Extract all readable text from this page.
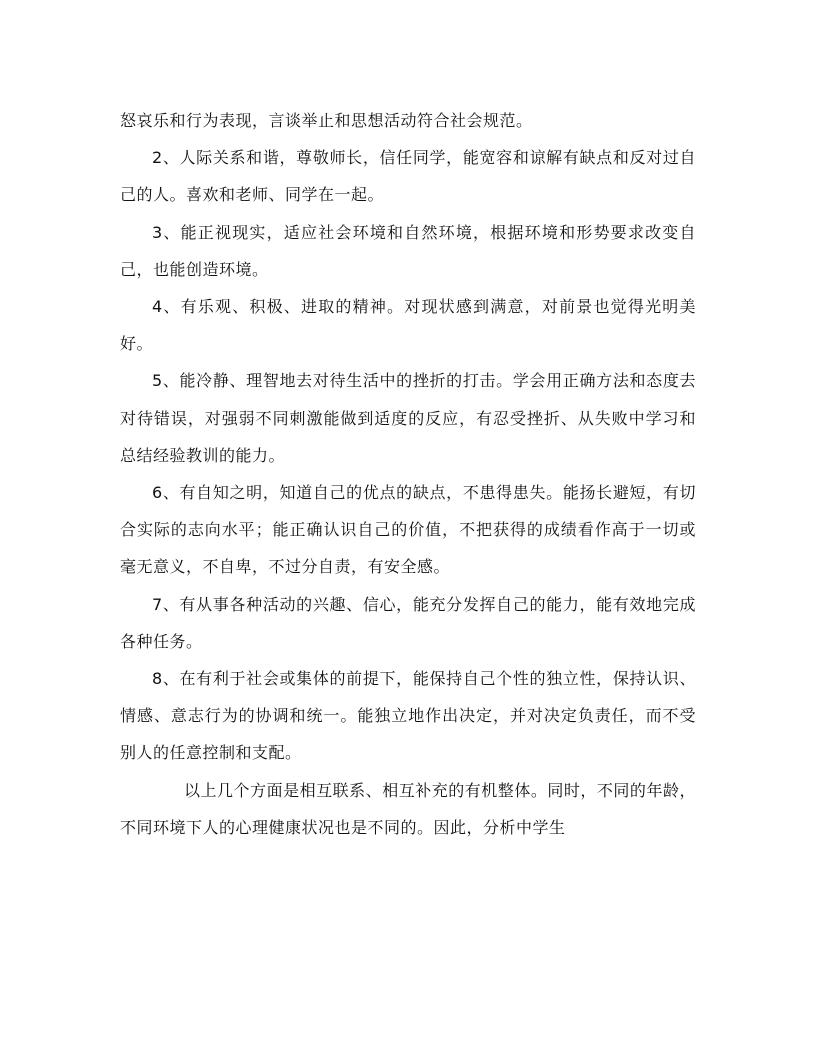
怒哀乐和行为表现，言谈举止和思想活动符合社会规范。

2、人际关系和谐，尊敬师长，信任同学，能宽容和谅解有缺点和反对过自己的人。喜欢和老师、同学在一起。

3、能正视现实，适应社会环境和自然环境，根据环境和形势要求改变自己，也能创造环境。

4、有乐观、积极、进取的精神。对现状感到满意，对前景也觉得光明美好。

5、能冷静、理智地去对待生活中的挫折的打击。学会用正确方法和态度去对待错误，对强弱不同刺激能做到适度的反应，有忍受挫折、从失败中学习和总结经验教训的能力。

6、有自知之明，知道自己的优点的缺点，不患得患失。能扬长避短，有切合实际的志向水平；能正确认识自己的价值，不把获得的成绩看作高于一切或毫无意义，不自卑，不过分自责，有安全感。

7、有从事各种活动的兴趣、信心，能充分发挥自己的能力，能有效地完成各种任务。

8、在有利于社会或集体的前提下，能保持自己个性的独立性，保持认识、情感、意志行为的协调和统一。能独立地作出决定，并对决定负责任，而不受别人的任意控制和支配。

以上几个方面是相互联系、相互补充的有机整体。同时，不同的年龄，不同环境下人的心理健康状况也是不同的。因此，分析中学生
